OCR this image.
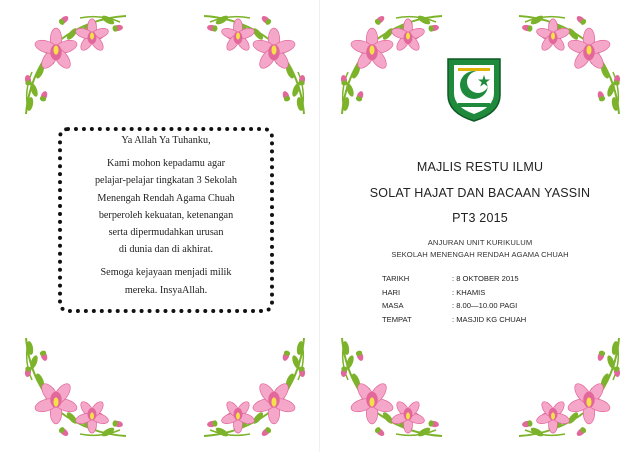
Ya Allah Ya Tuhanku,
Kami mohon kepadamu agar
pelajar-pelajar tingkatan 3 Sekolah
Menengah Rendah Agama Chuah
berperoleh kekuatan, ketenangan
serta dipermudahkan urusan
di dunia dan di akhirat.
Semoga kejayaan menjadi milik
mereka. InsyaAllah.
MAJLIS RESTU ILMU
SOLAT HAJAT DAN BACAAN YASSIN
PT3 2015
ANJURAN UNIT KURIKULUM
SEKOLAH MENENGAH RENDAH AGAMA CHUAH
TARIKH	: 8 OKTOBER 2015
HARI	: KHAMIS
MASA	: 8.00—10.00 PAGI
TEMPAT	: MASJID KG CHUAH
